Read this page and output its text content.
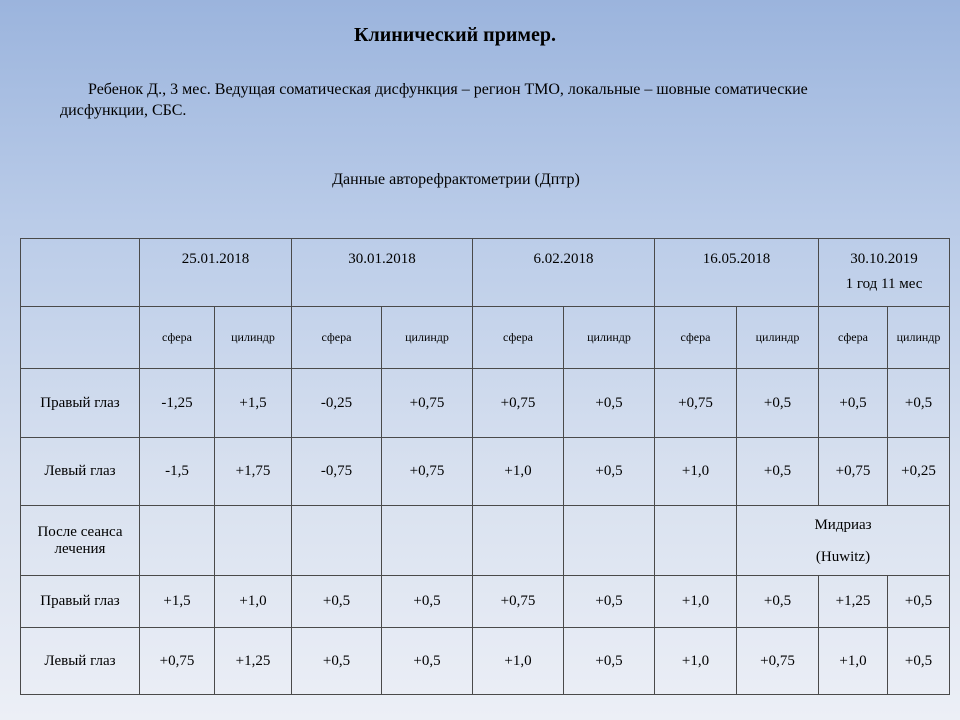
Клинический пример.
Ребенок Д., 3 мес. Ведущая соматическая дисфункция – регион ТМО, локальные – шовные соматические дисфункции, СБС.
Данные авторефрактометрии (Дптр)
	25.01.2018		30.01.2018		6.02.2018		16.05.2018		30.10.2019
1 год 11 мес	

	сфера	цилиндр	сфера	цилиндр	сфера	цилиндр	сфера	цилиндр	сфера	цилиндр
Правый глаз	-1,25	+1,5	-0,25	+0,75	+0,75	+0,5	+0,75	+0,5	+0,5	+0,5
Левый глаз	-1,5	+1,75	-0,75	+0,75	+1,0	+0,5	+1,0	+0,5	+0,75	+0,25
После сеанса лечения								Мидриаз
(Huwitz)		
Правый глаз	+1,5	+1,0	+0,5	+0,5	+0,75	+0,5	+1,0	+0,5	+1,25	+0,5
Левый глаз	+0,75	+1,25	+0,5	+0,5	+1,0	+0,5	+1,0	+0,75	+1,0	+0,5
